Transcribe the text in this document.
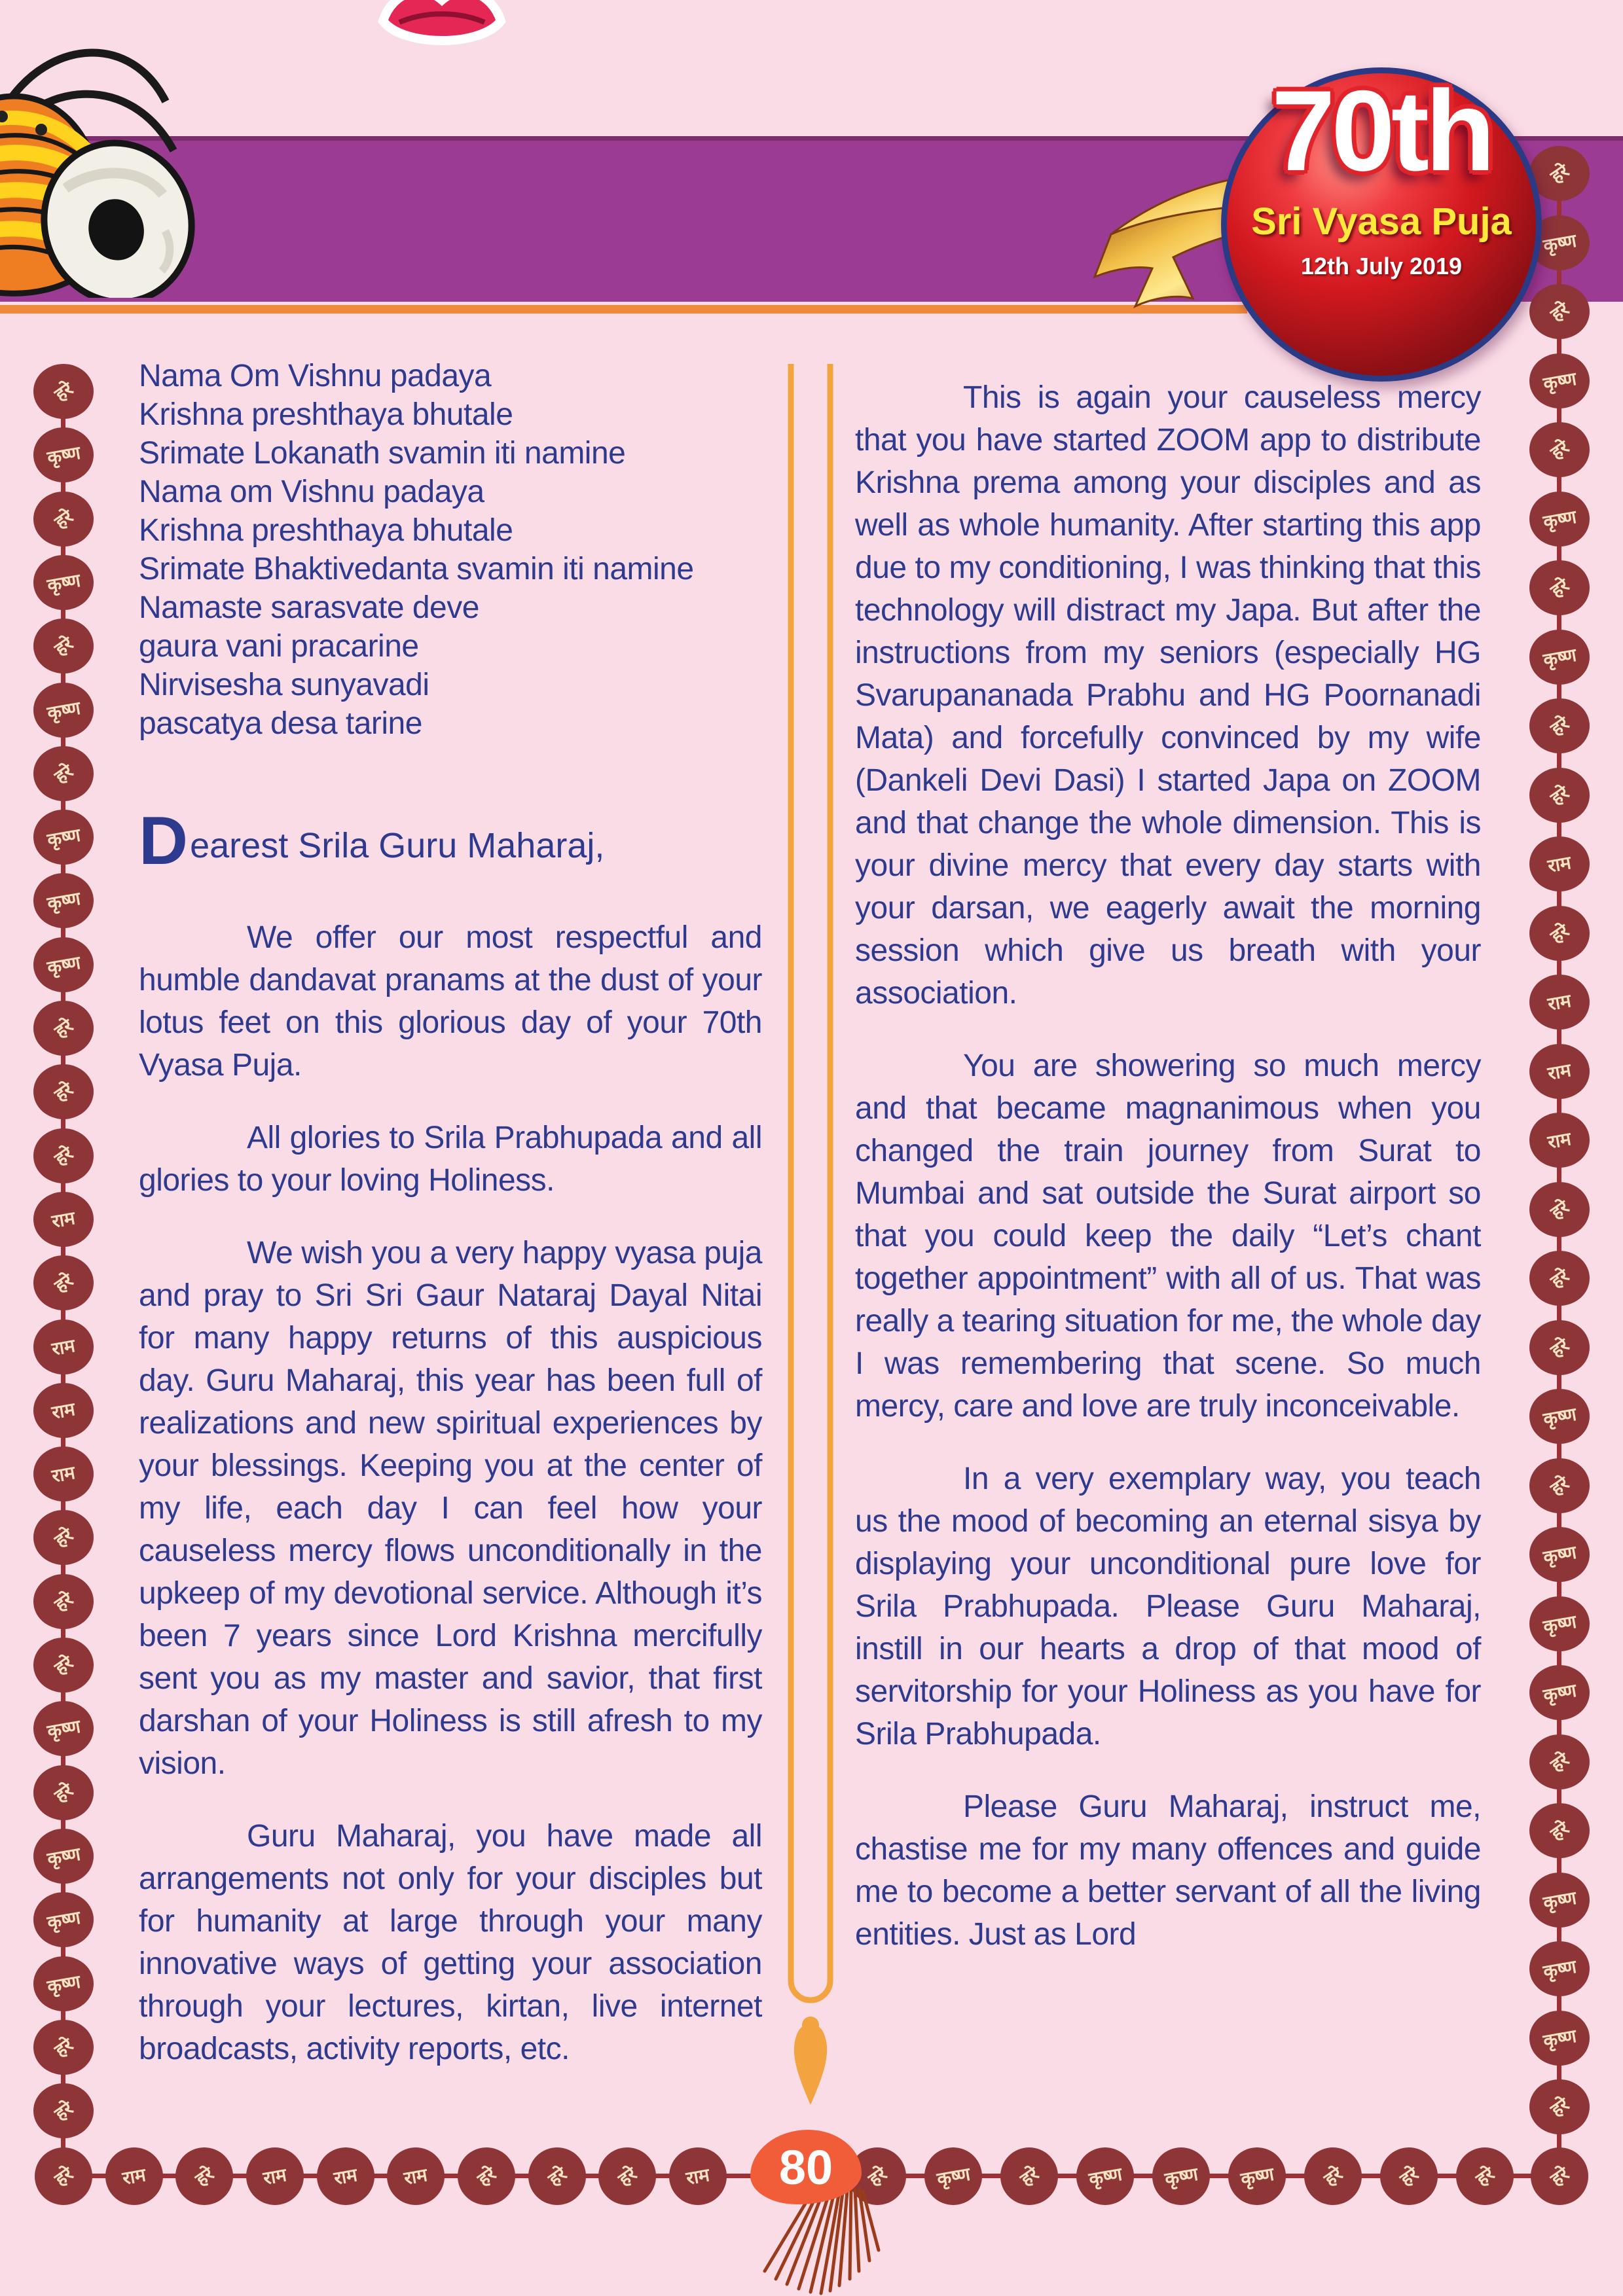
70th
Sri Vyasa Puja
12th July 2019
हरे
कृष्ण
हरे
कृष्ण
हरे
कृष्ण
हरे
कृष्ण
कृष्ण
कृष्ण
हरे
हरे
हरे
राम
हरे
राम
राम
राम
हरे
हरे
हरे
कृष्ण
हरे
कृष्ण
कृष्ण
कृष्ण
हरे
हरे
हरे
कृष्ण
हरे
कृष्ण
हरे
कृष्ण
हरे
कृष्ण
हरे
हरे
राम
हरे
राम
राम
राम
हरे
हरे
हरे
कृष्ण
हरे
कृष्ण
कृष्ण
कृष्ण
हरे
हरे
कृष्ण
कृष्ण
कृष्ण
हरे
हरे राम हरे राम राम राम हरे हरे हरे राम	हरे कृष्ण हरे कृष्ण कृष्ण कृष्ण हरे	हरे	हरे	हरे
Nama Om Vishnu padaya
Krishna preshthaya bhutale
Srimate Lokanath svamin iti namine
Nama om Vishnu padaya
Krishna preshthaya bhutale
Srimate Bhaktivedanta svamin iti namine
Namaste sarasvate deve
gaura vani pracarine
Nirvisesha sunyavadi
pascatya desa tarine
Dearest Srila Guru Maharaj,

We offer our most respectful and humble dandavat pranams at the dust of your lotus feet on this glorious day of your 70th Vyasa Puja.

All glories to Srila Prabhupada and all glories to your loving Holiness.

We wish you a very happy vyasa puja and pray to Sri Sri Gaur Nataraj Dayal Nitai for many happy returns of this auspicious day. Guru Maharaj, this year has been full of realizations and new spiritual experiences by your blessings. Keeping you at the center of my life, each day I can feel how your causeless mercy flows unconditionally in the upkeep of my devotional service. Although it’s been 7 years since Lord Krishna mercifully sent you as my master and savior, that first darshan of your Holiness is still afresh to my vision.

Guru Maharaj, you have made all arrangements not only for your disciples but for humanity at large through your many innovative ways of getting your association through your lectures, kirtan, live internet broadcasts, activity reports, etc.

This is again your causeless mercy that you have started ZOOM app to distribute Krishna prema among your disciples and as well as whole humanity. After starting this app due to my conditioning, I was thinking that this technology will distract my Japa. But after the instructions from my seniors (especially HG Svarupananada Prabhu and HG Poornanadi Mata) and forcefully convinced by my wife (Dankeli Devi Dasi) I started Japa on ZOOM and that change the whole dimension. This is your divine mercy that every day starts with your darsan, we eagerly await the morning session which give us breath with your association.

You are showering so much mercy and that became magnanimous when you changed the train journey from Surat to Mumbai and sat outside the Surat airport so that you could keep the daily “Let’s chant together appointment” with all of us. That was really a tearing situation for me, the whole day I was remembering that scene. So much mercy, care and love are truly inconceivable.

In a very exemplary way, you teach us the mood of becoming an eternal sisya by displaying your unconditional pure love for Srila Prabhupada. Please Guru Maharaj, instill in our hearts a drop of that mood of servitorship for your Holiness as you have for Srila Prabhupada.

Please Guru Maharaj, instruct me, chastise me for my many offences and guide me to become a better servant of all the living entities. Just as Lord

80
